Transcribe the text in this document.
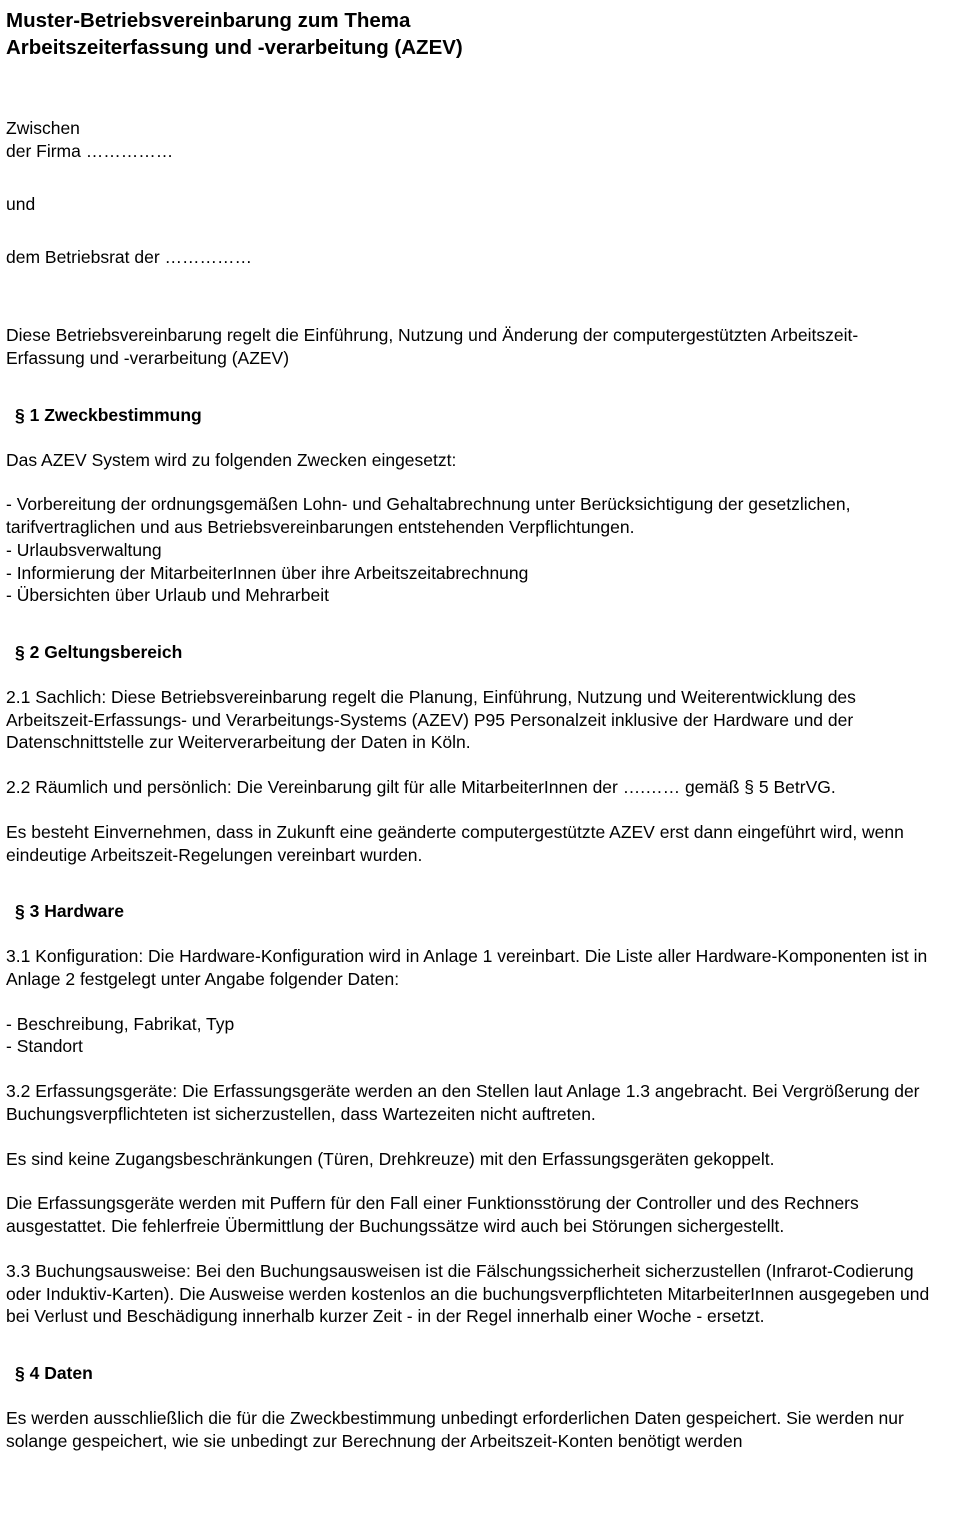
Muster-Betriebsvereinbarung zum Thema
Arbeitszeiterfassung und -verarbeitung (AZEV)

Zwischen

der Firma ……………

und

dem Betriebsrat der ……………

Diese Betriebsvereinbarung regelt die Einführung, Nutzung und Änderung der computergestützten Arbeitszeit-Erfassung und -verarbeitung (AZEV)

§ 1 Zweckbestimmung

Das AZEV System wird zu folgenden Zwecken eingesetzt:

- Vorbereitung der ordnungsgemäßen Lohn- und Gehaltabrechnung unter Berücksichtigung der gesetzlichen, tarifvertraglichen und aus Betriebsvereinbarungen entstehenden Verpflichtungen.

- Urlaubsverwaltung

- Informierung der MitarbeiterInnen über ihre Arbeitszeitabrechnung

- Übersichten über Urlaub und Mehrarbeit

§ 2 Geltungsbereich

2.1 Sachlich: Diese Betriebsvereinbarung regelt die Planung, Einführung, Nutzung und Weiterentwicklung des Arbeitszeit-Erfassungs- und Verarbeitungs-Systems (AZEV) P95 Personalzeit inklusive der Hardware und der Datenschnittstelle zur Weiterverarbeitung der Daten in Köln.

2.2 Räumlich und persönlich: Die Vereinbarung gilt für alle MitarbeiterInnen der ….…… gemäß § 5 BetrVG.

Es besteht Einvernehmen, dass in Zukunft eine geänderte computergestützte AZEV erst dann eingeführt wird, wenn eindeutige Arbeitszeit-Regelungen vereinbart wurden.

§ 3 Hardware

3.1 Konfiguration: Die Hardware-Konfiguration wird in Anlage 1 vereinbart. Die Liste aller Hardware-Komponenten ist in Anlage 2 festgelegt unter Angabe folgender Daten:

- Beschreibung, Fabrikat, Typ

- Standort

3.2 Erfassungsgeräte: Die Erfassungsgeräte werden an den Stellen laut Anlage 1.3 angebracht. Bei Vergrößerung der Buchungsverpflichteten ist sicherzustellen, dass Wartezeiten nicht auftreten.

Es sind keine Zugangsbeschränkungen (Türen, Drehkreuze) mit den Erfassungsgeräten gekoppelt.

Die Erfassungsgeräte werden mit Puffern für den Fall einer Funktionsstörung der Controller und des Rechners ausgestattet. Die fehlerfreie Übermittlung der Buchungssätze wird auch bei Störungen sichergestellt.

3.3 Buchungsausweise: Bei den Buchungsausweisen ist die Fälschungssicherheit sicherzustellen (Infrarot-Codierung oder Induktiv-Karten). Die Ausweise werden kostenlos an die buchungsverpflichteten MitarbeiterInnen ausgegeben und bei Verlust und Beschädigung innerhalb kurzer Zeit - in der Regel innerhalb einer Woche - ersetzt.

§ 4 Daten

Es werden ausschließlich die für die Zweckbestimmung unbedingt erforderlichen Daten gespeichert. Sie werden nur solange gespeichert, wie sie unbedingt zur Berechnung der Arbeitszeit-Konten benötigt werden
